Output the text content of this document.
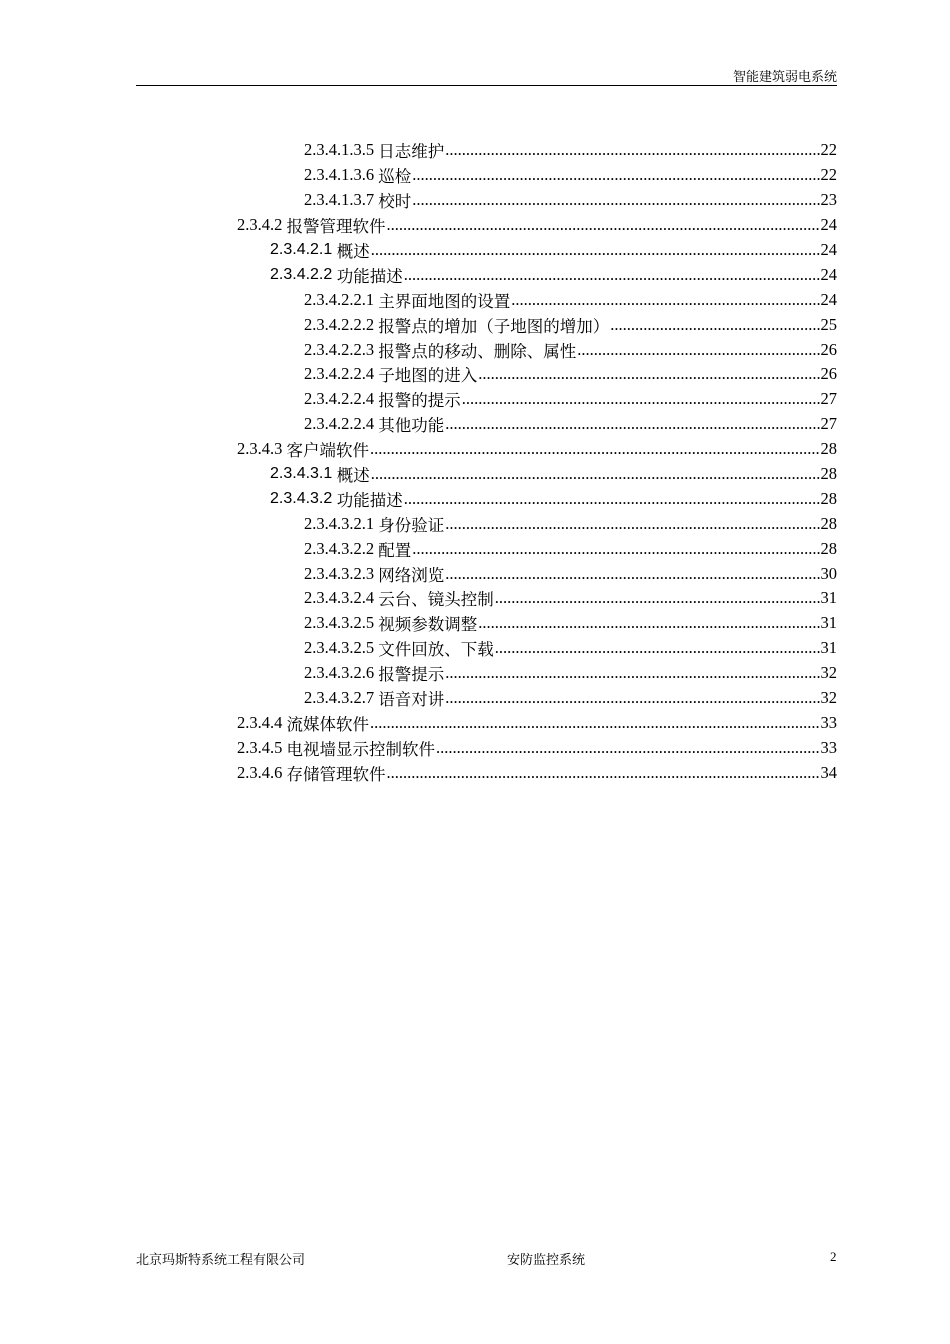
智能建筑弱电系统
2.3.4.1.3.5 日志维护 .....	22
2.3.4.1.3.6 巡检 .....	22
2.3.4.1.3.7 校时 .....	23
2.3.4.2 报警管理软件 .....	24
2.3.4.2.1 概述 .....	24
2.3.4.2.2 功能描述 .....	24
2.3.4.2.2.1 主界面地图的设置 .....	24
2.3.4.2.2.2 报警点的增加（子地图的增加） .....	25
2.3.4.2.2.3 报警点的移动、删除、属性 .....	26
2.3.4.2.2.4 子地图的进入 .....	26
2.3.4.2.2.4 报警的提示 .....	27
2.3.4.2.2.4 其他功能 .....	27
2.3.4.3 客户端软件 .....	28
2.3.4.3.1 概述 .....	28
2.3.4.3.2 功能描述 .....	28
2.3.4.3.2.1 身份验证 .....	28
2.3.4.3.2.2 配置 .....	28
2.3.4.3.2.3 网络浏览 .....	30
2.3.4.3.2.4 云台、镜头控制 .....	31
2.3.4.3.2.5 视频参数调整 .....	31
2.3.4.3.2.5 文件回放、下载 .....	31
2.3.4.3.2.6 报警提示 .....	32
2.3.4.3.2.7 语音对讲 .....	32
2.3.4.4 流媒体软件 .....	33
2.3.4.5 电视墙显示控制软件 .....	33
2.3.4.6 存储管理软件 .....	34
北京玛斯特系统工程有限公司	安防监控系统	2
